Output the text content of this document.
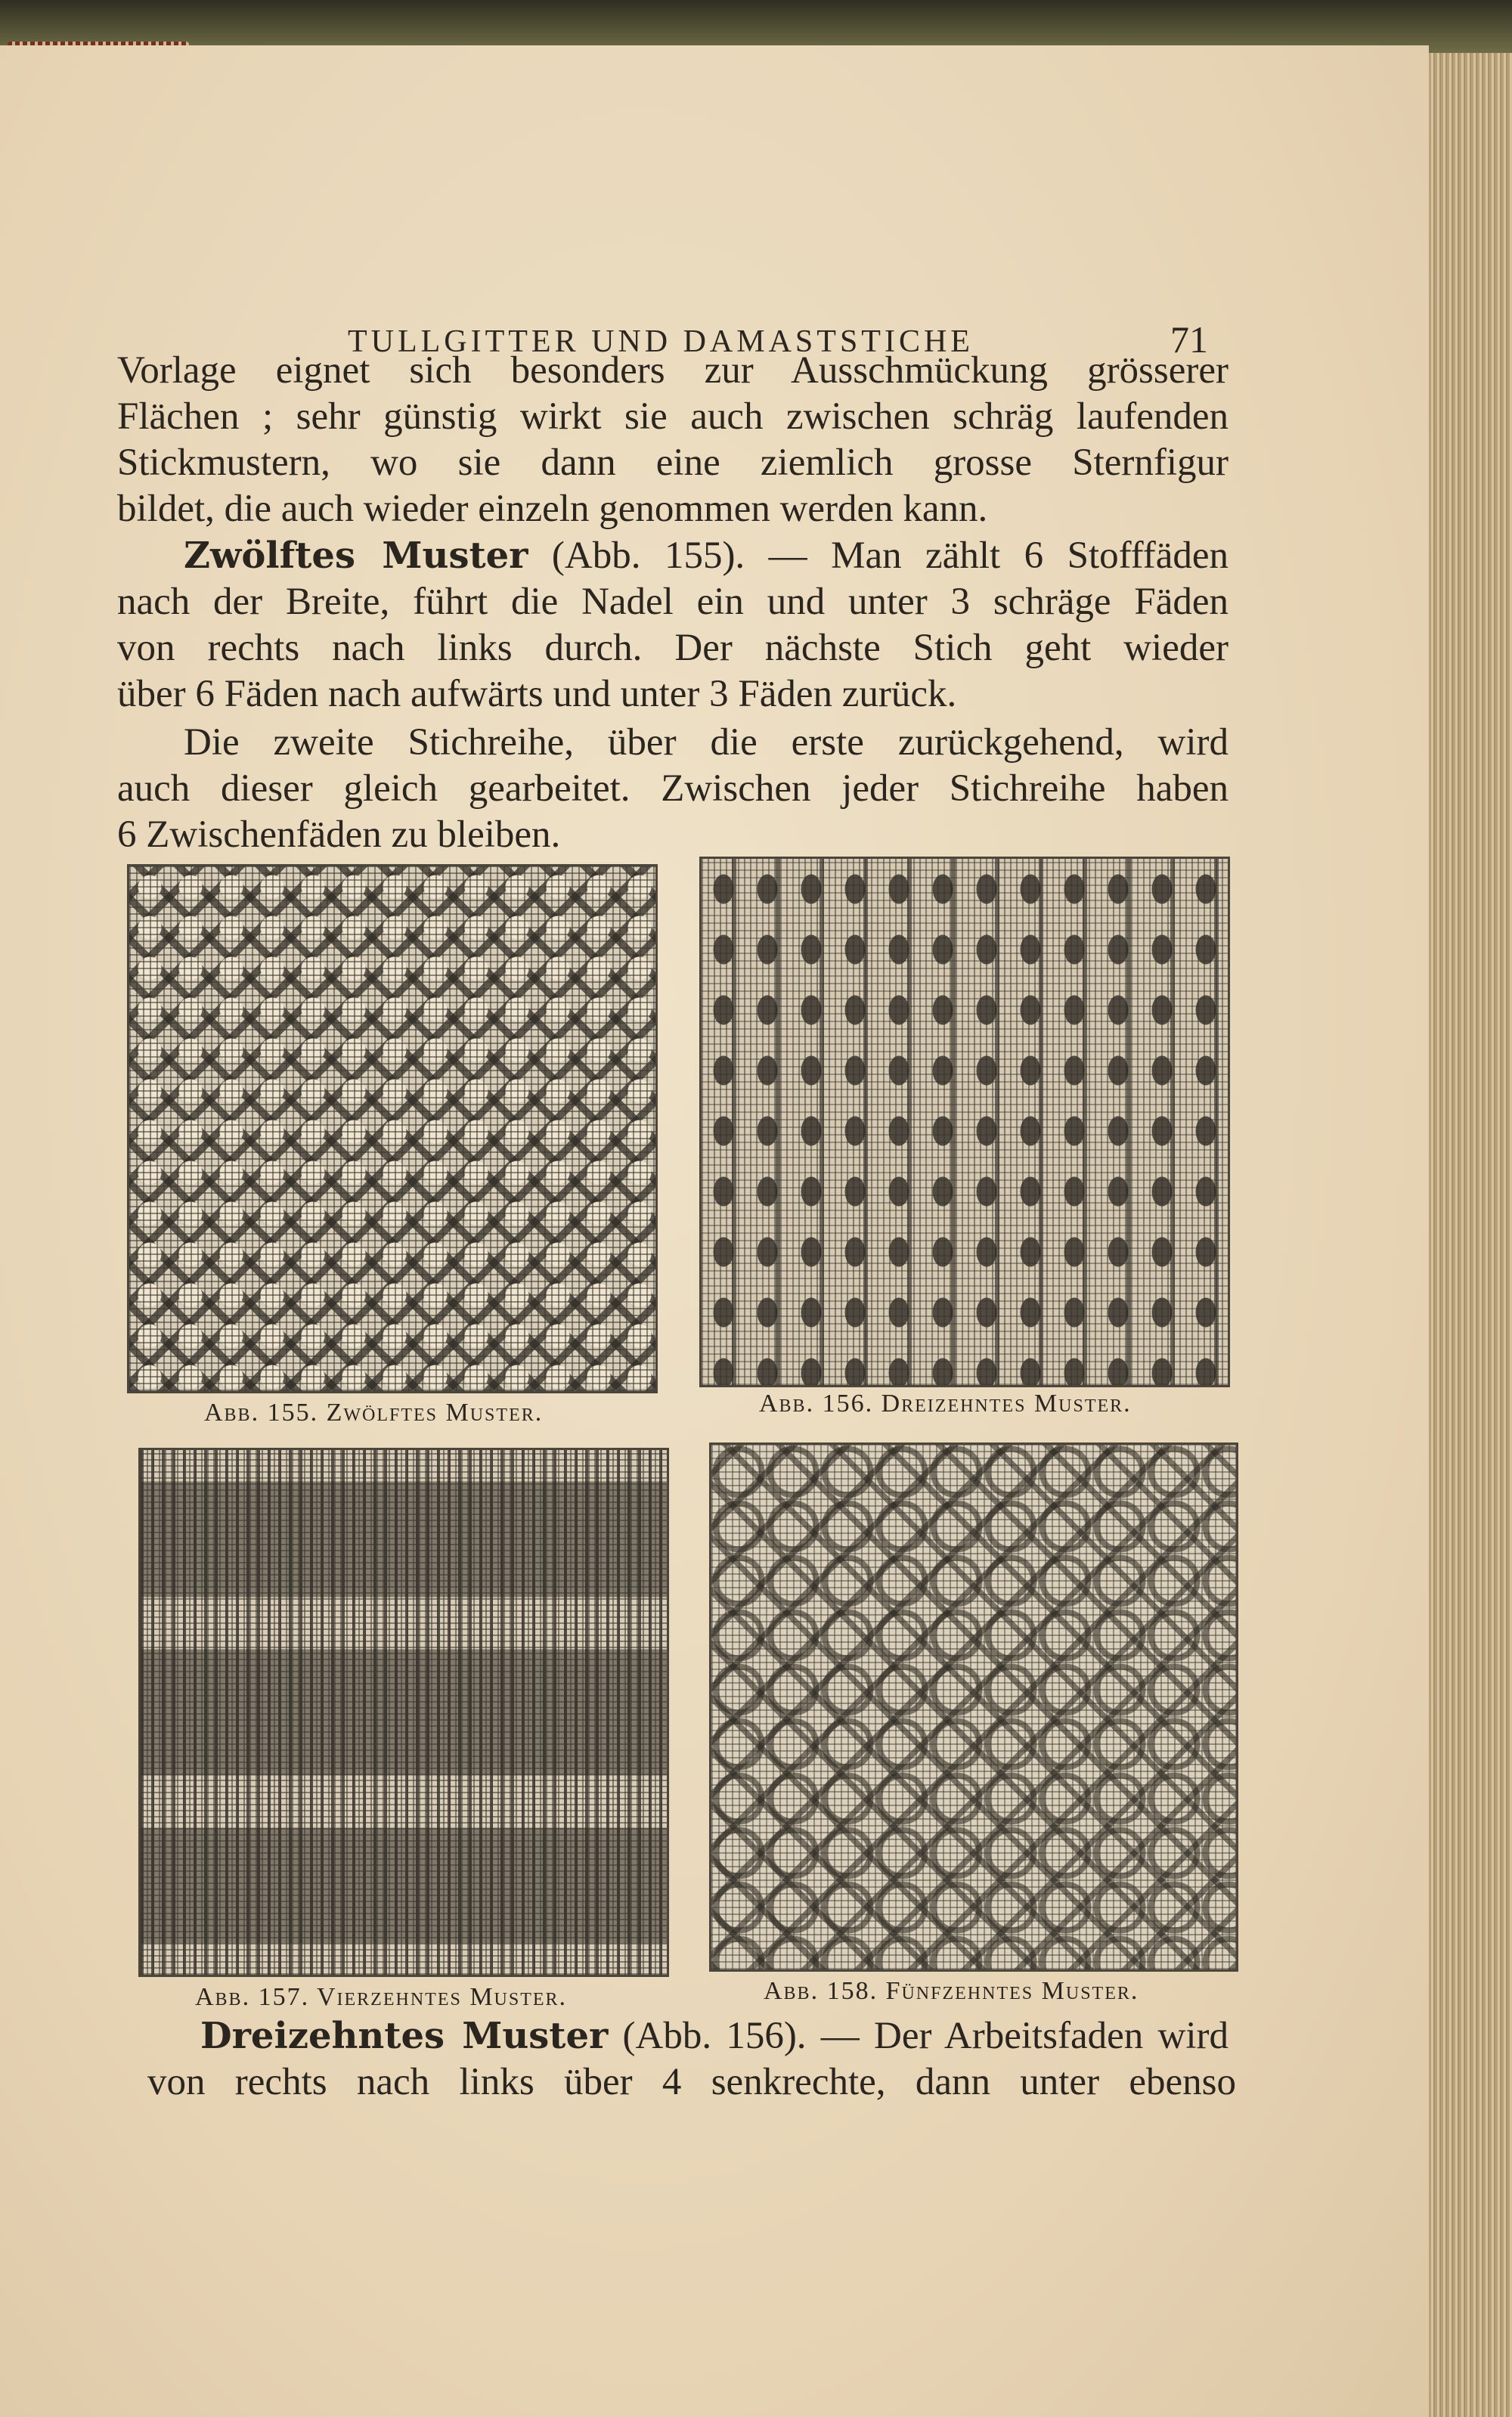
TULLGITTER UND DAMASTSTICHE	71
Vorlage eignet sich besonders zur Ausschmückung grösserer
Flächen ; sehr günstig wirkt sie auch zwischen schräg laufenden
Stickmustern, wo sie dann eine ziemlich grosse Sternfigur
bildet, die auch wieder einzeln genommen werden kann.
Zwölftes Muster (Abb. 155). — Man zählt 6 Stofffäden
nach der Breite, führt die Nadel ein und unter 3 schräge Fäden
von rechts nach links durch. Der nächste Stich geht wieder
über 6 Fäden nach aufwärts und unter 3 Fäden zurück.
Die zweite Stichreihe, über die erste zurückgehend, wird
auch dieser gleich gearbeitet. Zwischen jeder Stichreihe haben
6 Zwischenfäden zu bleiben.
Abb. 155. Zwölftes Muster.	Abb. 156. Dreizehntes Muster.
Abb. 157. Vierzehntes Muster.	Abb. 158. Fünfzehntes Muster.
Dreizehntes Muster (Abb. 156). — Der Arbeitsfaden wird
von rechts nach links über 4 senkrechte, dann unter ebenso
